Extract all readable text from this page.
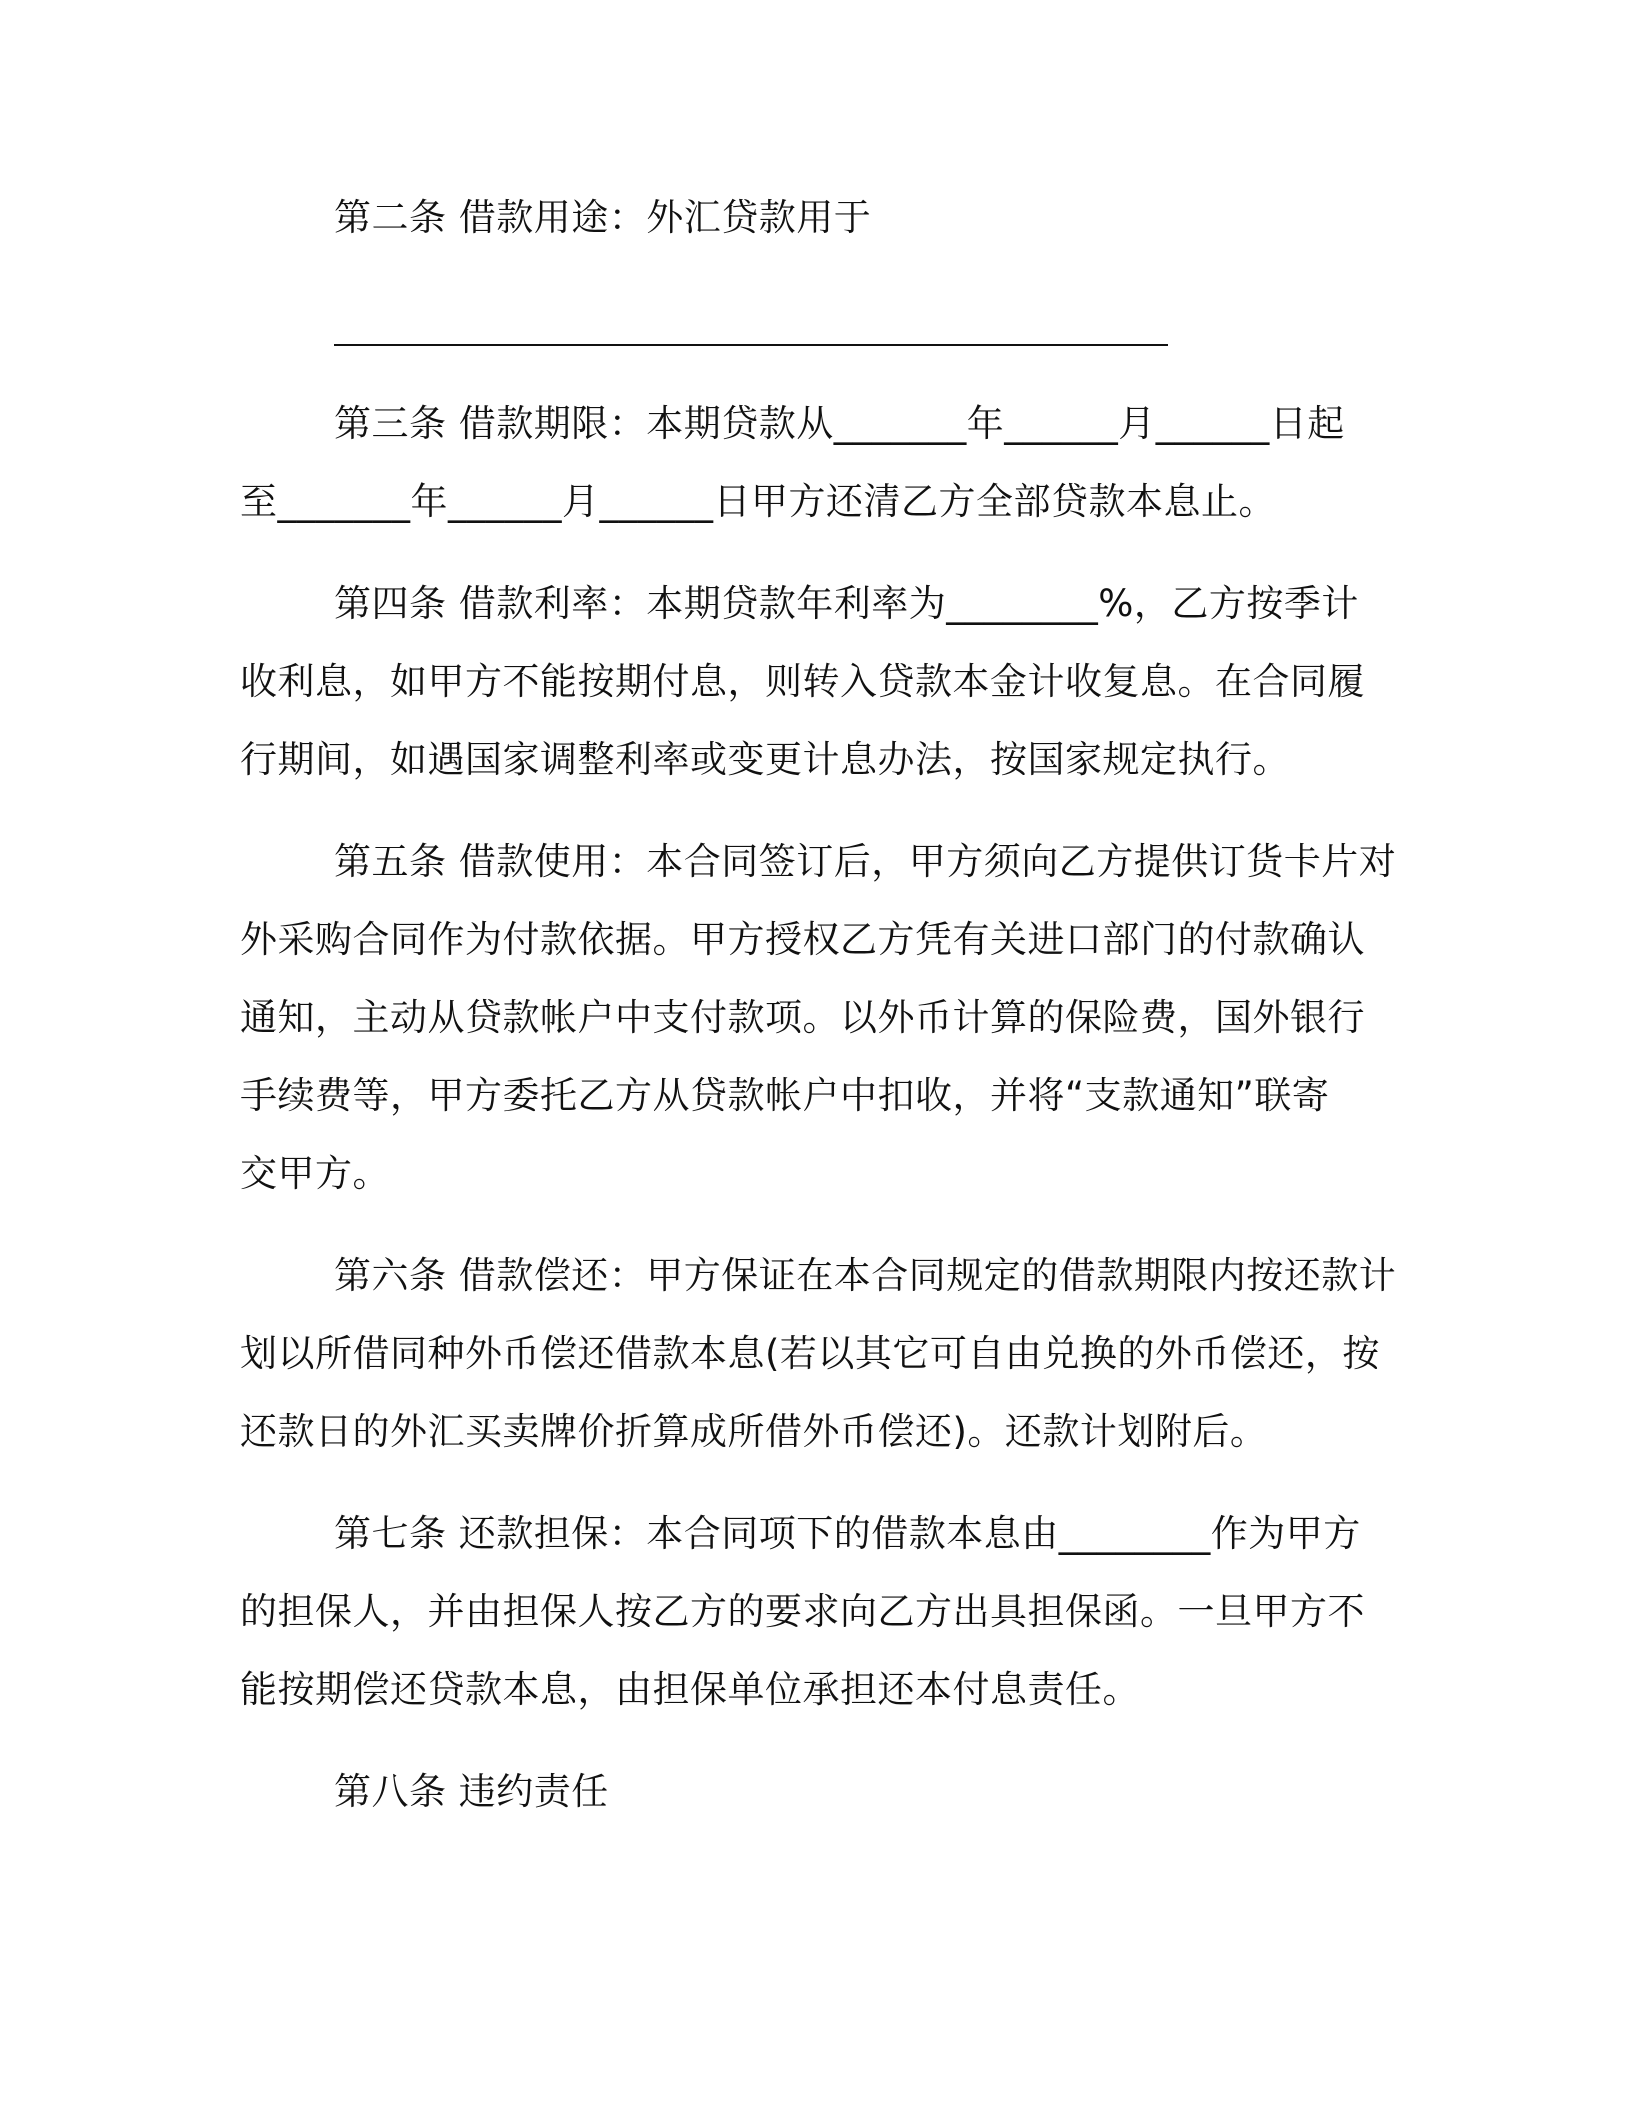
第二条 借款用途：外汇贷款用于

第三条 借款期限：本期贷款从_______年______月______日起

至_______年______月______日甲方还清乙方全部贷款本息止。

第四条 借款利率：本期贷款年利率为________%，乙方按季计

收利息，如甲方不能按期付息，则转入贷款本金计收复息。在合同履

行期间，如遇国家调整利率或变更计息办法，按国家规定执行。

第五条 借款使用：本合同签订后，甲方须向乙方提供订货卡片对

外采购合同作为付款依据。甲方授权乙方凭有关进口部门的付款确认

通知，主动从贷款帐户中支付款项。以外币计算的保险费，国外银行

手续费等，甲方委托乙方从贷款帐户中扣收，并将“支款通知”联寄

交甲方。

第六条 借款偿还：甲方保证在本合同规定的借款期限内按还款计

划以所借同种外币偿还借款本息(若以其它可自由兑换的外币偿还，按

还款日的外汇买卖牌价折算成所借外币偿还)。还款计划附后。

第七条 还款担保：本合同项下的借款本息由________作为甲方

的担保人，并由担保人按乙方的要求向乙方出具担保函。一旦甲方不

能按期偿还贷款本息，由担保单位承担还本付息责任。

第八条 违约责任
